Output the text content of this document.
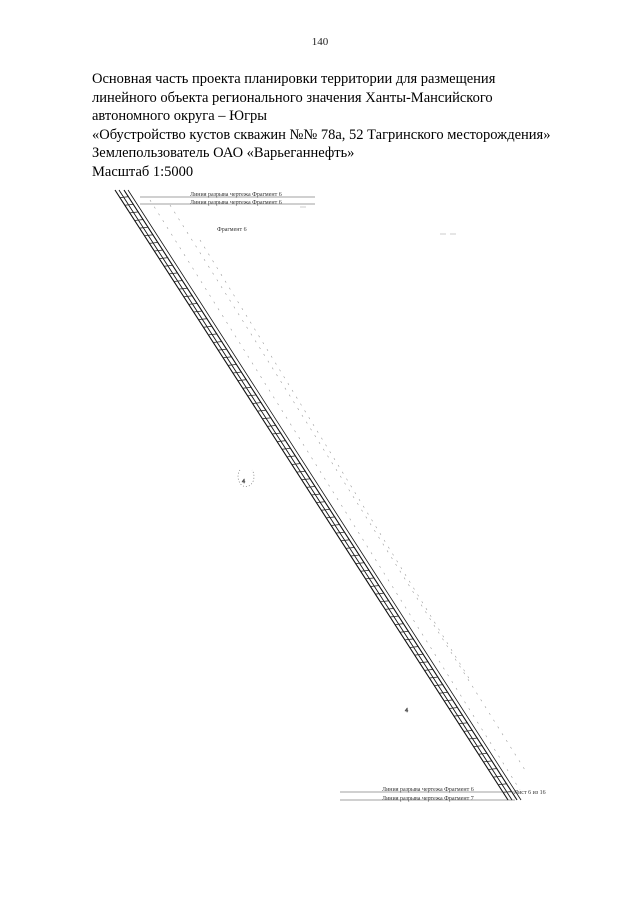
140
Основная часть проекта планировки территории для размещения
линейного объекта регионального значения Ханты-Мансийского
автономного округа – Югры
«Обустройство кустов скважин №№ 78а, 52 Тагринского месторождения»
Землепользователь ОАО «Варьеганнефть»
Масштаб 1:5000
Линия разрыва чертежа Фрагмент 6
Линия разрыва чертежа Фрагмент 6
Фрагмент 6
4
4
Линия разрыва чертежа Фрагмент 6
Линия разрыва чертежа Фрагмент 7
Лист 6 из 16
